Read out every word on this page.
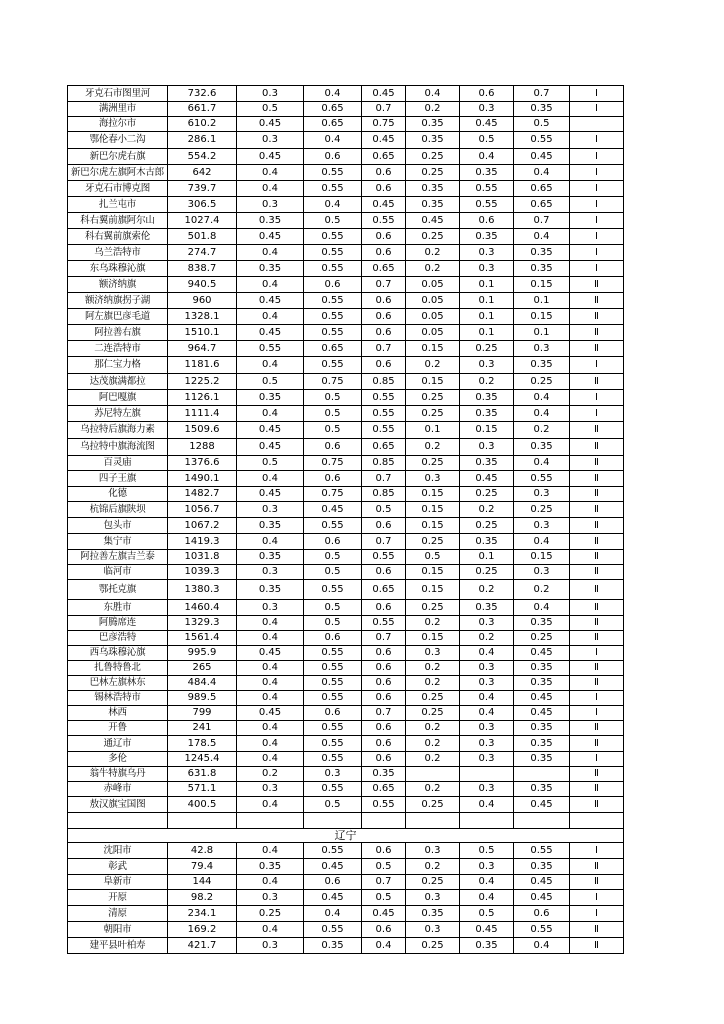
牙克石市图里河	732.6	0.3	0.4	0.45	0.4	0.6	0.7	Ⅰ
满洲里市	661.7	0.5	0.65	0.7	0.2	0.3	0.35	Ⅰ
海拉尔市	610.2	0.45	0.65	0.75	0.35	0.45	0.5	
鄂伦春小二沟	286.1	0.3	0.4	0.45	0.35	0.5	0.55	Ⅰ
新巴尔虎右旗	554.2	0.45	0.6	0.65	0.25	0.4	0.45	Ⅰ
新巴尔虎左旗阿木古郎	642	0.4	0.55	0.6	0.25	0.35	0.4	Ⅰ
牙克石市博克图	739.7	0.4	0.55	0.6	0.35	0.55	0.65	Ⅰ
扎兰屯市	306.5	0.3	0.4	0.45	0.35	0.55	0.65	Ⅰ
科右翼前旗阿尔山	1027.4	0.35	0.5	0.55	0.45	0.6	0.7	Ⅰ
科右翼前旗索伦	501.8	0.45	0.55	0.6	0.25	0.35	0.4	Ⅰ
乌兰浩特市	274.7	0.4	0.55	0.6	0.2	0.3	0.35	Ⅰ
东乌珠穆沁旗	838.7	0.35	0.55	0.65	0.2	0.3	0.35	Ⅰ
额济纳旗	940.5	0.4	0.6	0.7	0.05	0.1	0.15	Ⅱ
额济纳旗拐子湖	960	0.45	0.55	0.6	0.05	0.1	0.1	Ⅱ
阿左旗巴彦毛道	1328.1	0.4	0.55	0.6	0.05	0.1	0.15	Ⅱ
阿拉善右旗	1510.1	0.45	0.55	0.6	0.05	0.1	0.1	Ⅱ
二连浩特市	964.7	0.55	0.65	0.7	0.15	0.25	0.3	Ⅱ
那仁宝力格	1181.6	0.4	0.55	0.6	0.2	0.3	0.35	Ⅰ
达茂旗满都拉	1225.2	0.5	0.75	0.85	0.15	0.2	0.25	Ⅱ
阿巴嘎旗	1126.1	0.35	0.5	0.55	0.25	0.35	0.4	Ⅰ
苏尼特左旗	1111.4	0.4	0.5	0.55	0.25	0.35	0.4	Ⅰ
乌拉特后旗海力素	1509.6	0.45	0.5	0.55	0.1	0.15	0.2	Ⅱ
乌拉特中旗海流图	1288	0.45	0.6	0.65	0.2	0.3	0.35	Ⅱ
百灵庙	1376.6	0.5	0.75	0.85	0.25	0.35	0.4	Ⅱ
四子王旗	1490.1	0.4	0.6	0.7	0.3	0.45	0.55	Ⅱ
化德	1482.7	0.45	0.75	0.85	0.15	0.25	0.3	Ⅱ
杭锦后旗陕坝	1056.7	0.3	0.45	0.5	0.15	0.2	0.25	Ⅱ
包头市	1067.2	0.35	0.55	0.6	0.15	0.25	0.3	Ⅱ
集宁市	1419.3	0.4	0.6	0.7	0.25	0.35	0.4	Ⅱ
阿拉善左旗吉兰泰	1031.8	0.35	0.5	0.55	0.5	0.1	0.15	Ⅱ
临河市	1039.3	0.3	0.5	0.6	0.15	0.25	0.3	Ⅱ
鄂托克旗	1380.3	0.35	0.55	0.65	0.15	0.2	0.2	Ⅱ
东胜市	1460.4	0.3	0.5	0.6	0.25	0.35	0.4	Ⅱ
阿腾席连	1329.3	0.4	0.5	0.55	0.2	0.3	0.35	Ⅱ
巴彦浩特	1561.4	0.4	0.6	0.7	0.15	0.2	0.25	Ⅱ
西乌珠穆沁旗	995.9	0.45	0.55	0.6	0.3	0.4	0.45	Ⅰ
扎鲁特鲁北	265	0.4	0.55	0.6	0.2	0.3	0.35	Ⅱ
巴林左旗林东	484.4	0.4	0.55	0.6	0.2	0.3	0.35	Ⅱ
锡林浩特市	989.5	0.4	0.55	0.6	0.25	0.4	0.45	Ⅰ
林西	799	0.45	0.6	0.7	0.25	0.4	0.45	Ⅰ
开鲁	241	0.4	0.55	0.6	0.2	0.3	0.35	Ⅱ
通辽市	178.5	0.4	0.55	0.6	0.2	0.3	0.35	Ⅱ
多伦	1245.4	0.4	0.55	0.6	0.2	0.3	0.35	Ⅰ
翁牛特旗乌丹	631.8	0.2	0.3	0.35				Ⅱ
赤峰市	571.1	0.3	0.55	0.65	0.2	0.3	0.35	Ⅱ
敖汉旗宝国图	400.5	0.4	0.5	0.55	0.25	0.4	0.45	Ⅱ

辽宁								
沈阳市	42.8	0.4	0.55	0.6	0.3	0.5	0.55	Ⅰ
彰武	79.4	0.35	0.45	0.5	0.2	0.3	0.35	Ⅱ
阜新市	144	0.4	0.6	0.7	0.25	0.4	0.45	Ⅱ
开原	98.2	0.3	0.45	0.5	0.3	0.4	0.45	Ⅰ
清原	234.1	0.25	0.4	0.45	0.35	0.5	0.6	Ⅰ
朝阳市	169.2	0.4	0.55	0.6	0.3	0.45	0.55	Ⅱ
建平县叶柏寿	421.7	0.3	0.35	0.4	0.25	0.35	0.4	Ⅱ
